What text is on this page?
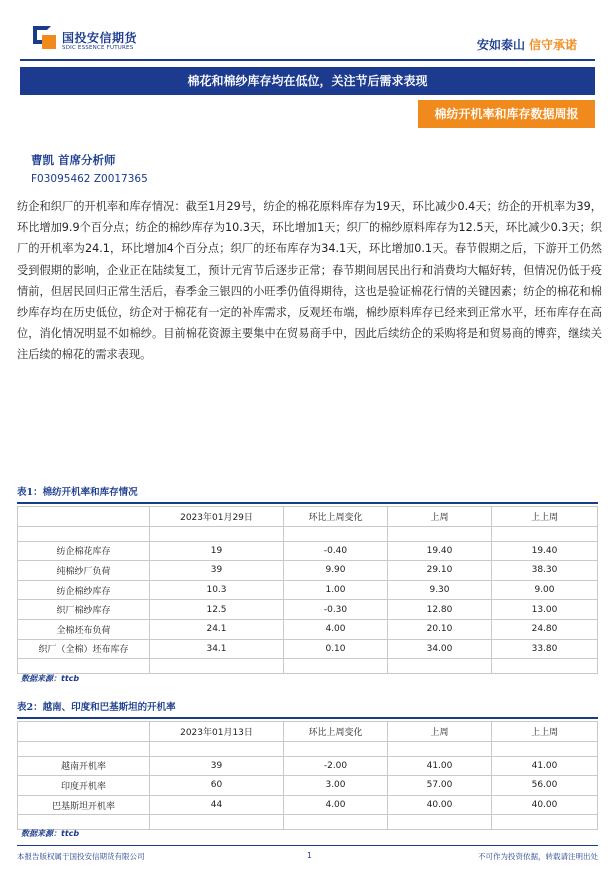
国投安信期货
SDIC ESSENCE FUTURES	安如泰山 信守承诺
棉花和棉纱库存均在低位，关注节后需求表现
棉纺开机率和库存数据周报
曹凯 首席分析师
F03095462 Z0017365
纺企和织厂的开机率和库存情况：截至1月29号，纺企的棉花原料库存为19天，环比减少0.4天；纺企的开机率为39，环比增加9.9个百分点；纺企的棉纱库存为10.3天，环比增加1天；织厂的棉纱原料库存为12.5天，环比减少0.3天；织厂的开机率为24.1，环比增加4个百分点；织厂的坯布库存为34.1天，环比增加0.1天。春节假期之后，下游开工仍然受到假期的影响，企业正在陆续复工，预计元宵节后逐步正常；春节期间居民出行和消费均大幅好转，但情况仍低于疫情前，但居民回归正常生活后，春季金三银四的小旺季仍值得期待，这也是验证棉花行情的关键因素；纺企的棉花和棉纱库存均在历史低位，纺企对于棉花有一定的补库需求，反观坯布端，棉纱原料库存已经来到正常水平，坯布库存在高位，消化情况明显不如棉纱。目前棉花资源主要集中在贸易商手中，因此后续纺企的采购将是和贸易商的博弈，继续关注后续的棉花的需求表现。
表1：棉纺开机率和库存情况
	2023年01月29日	环比上周变化	上周	上上周

纺企棉花库存	19	-0.40	19.40	19.40
纯棉纱厂负荷	39	9.90	29.10	38.30
纺企棉纱库存	10.3	1.00	9.30	9.00
织厂棉纱库存	12.5	-0.30	12.80	13.00
全棉坯布负荷	24.1	4.00	20.10	24.80
织厂（全棉）坯布库存	34.1	0.10	34.00	33.80

数据来源：ttcb
表2：越南、印度和巴基斯坦的开机率
	2023年01月13日	环比上周变化	上周	上上周

越南开机率	39	-2.00	41.00	41.00
印度开机率	60	3.00	57.00	56.00
巴基斯坦开机率	44	4.00	40.00	40.00

数据来源：ttcb
本报告版权属于国投安信期货有限公司	1	不可作为投资依据，转载请注明出处
